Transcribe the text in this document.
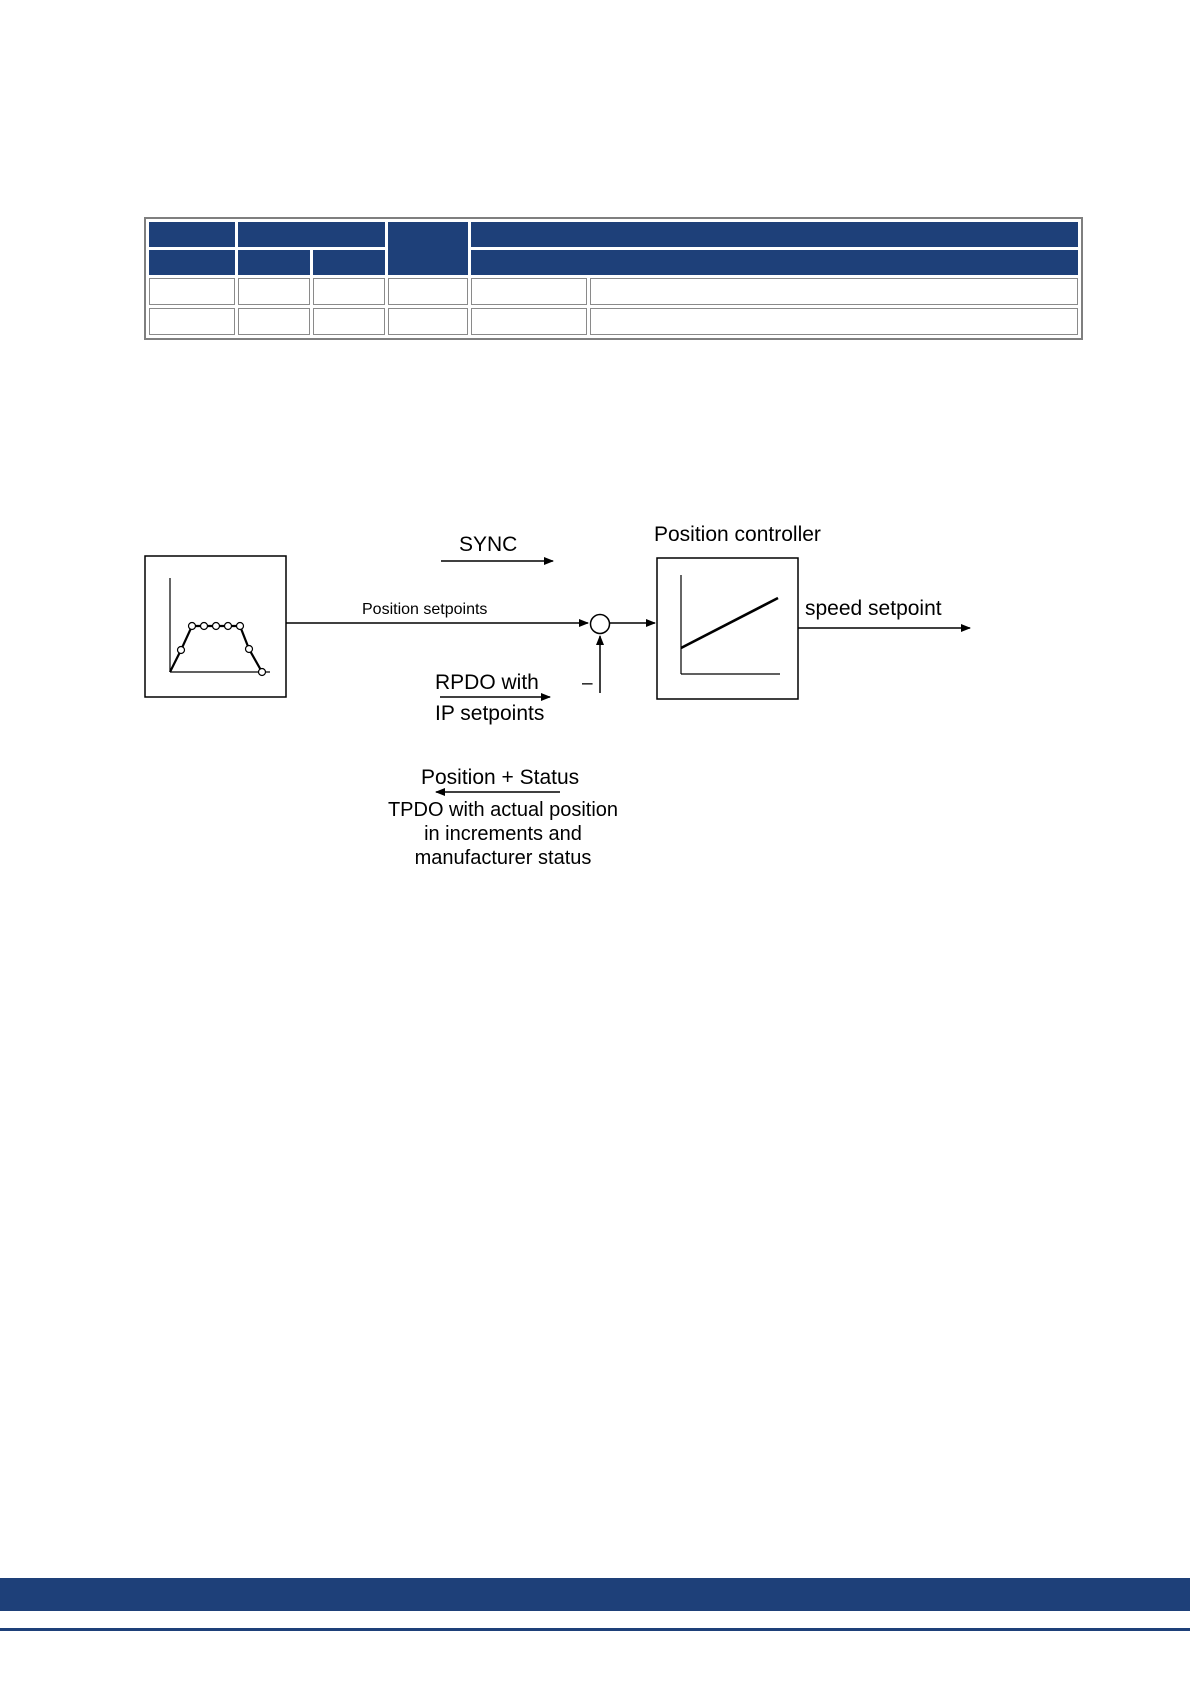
Position setpoints
SYNC
–
RPDO with
IP setpoints
Position controller
speed setpoint
Position + Status
TPDO with actual position
in increments and
manufacturer status
